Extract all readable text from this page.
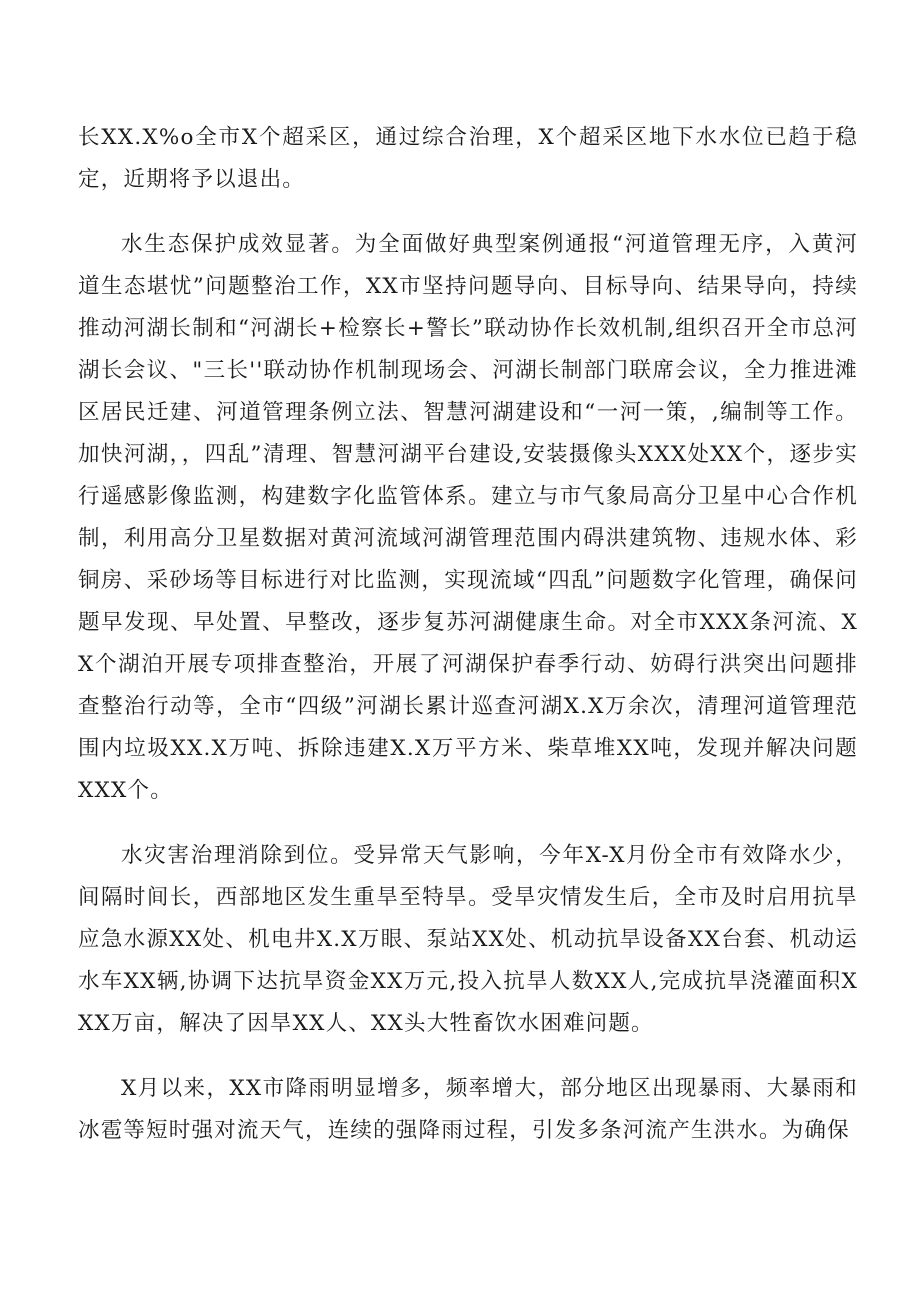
长XX.X%o全市X个超采区，通过综合治理，X个超采区地下水水位已趋于稳定，近期将予以退出。

水生态保护成效显著。为全面做好典型案例通报“河道管理无序，入黄河道生态堪忧”问题整治工作，XX市坚持问题导向、目标导向、结果导向，持续推动河湖长制和“河湖长+检察长+警长”联动协作长效机制,组织召开全市总河湖长会议、"三长''联动协作机制现场会、河湖长制部门联席会议，全力推进滩区居民迁建、河道管理条例立法、智慧河湖建设和“一河一策，,编制等工作。加快河湖，，四乱”清理、智慧河湖平台建设,安装摄像头XXX处XX个，逐步实行遥感影像监测，构建数字化监管体系。建立与市气象局高分卫星中心合作机制，利用高分卫星数据对黄河流域河湖管理范围内碍洪建筑物、违规水体、彩铜房、采砂场等目标进行对比监测，实现流域“四乱”问题数字化管理，确保问题早发现、早处置、早整改，逐步复苏河湖健康生命。对全市XXX条河流、XX个湖泊开展专项排查整治，开展了河湖保护春季行动、妨碍行洪突出问题排查整治行动等，全市“四级”河湖长累计巡查河湖X.X万余次，清理河道管理范围内垃圾XX.X万吨、拆除违建X.X万平方米、柴草堆XX吨，发现并解决问题XXX个。

水灾害治理消除到位。受异常天气影响，今年X-X月份全市有效降水少，间隔时间长，西部地区发生重旱至特旱。受旱灾情发生后，全市及时启用抗旱应急水源XX处、机电井X.X万眼、泵站XX处、机动抗旱设备XX台套、机动运水车XX辆,协调下达抗旱资金XX万元,投入抗旱人数XX人,完成抗旱浇灌面积XXX万亩，解决了因旱XX人、XX头大牲畜饮水困难问题。

X月以来，XX市降雨明显增多，频率增大，部分地区出现暴雨、大暴雨和冰雹等短时强对流天气，连续的强降雨过程，引发多条河流产生洪水。为确保
